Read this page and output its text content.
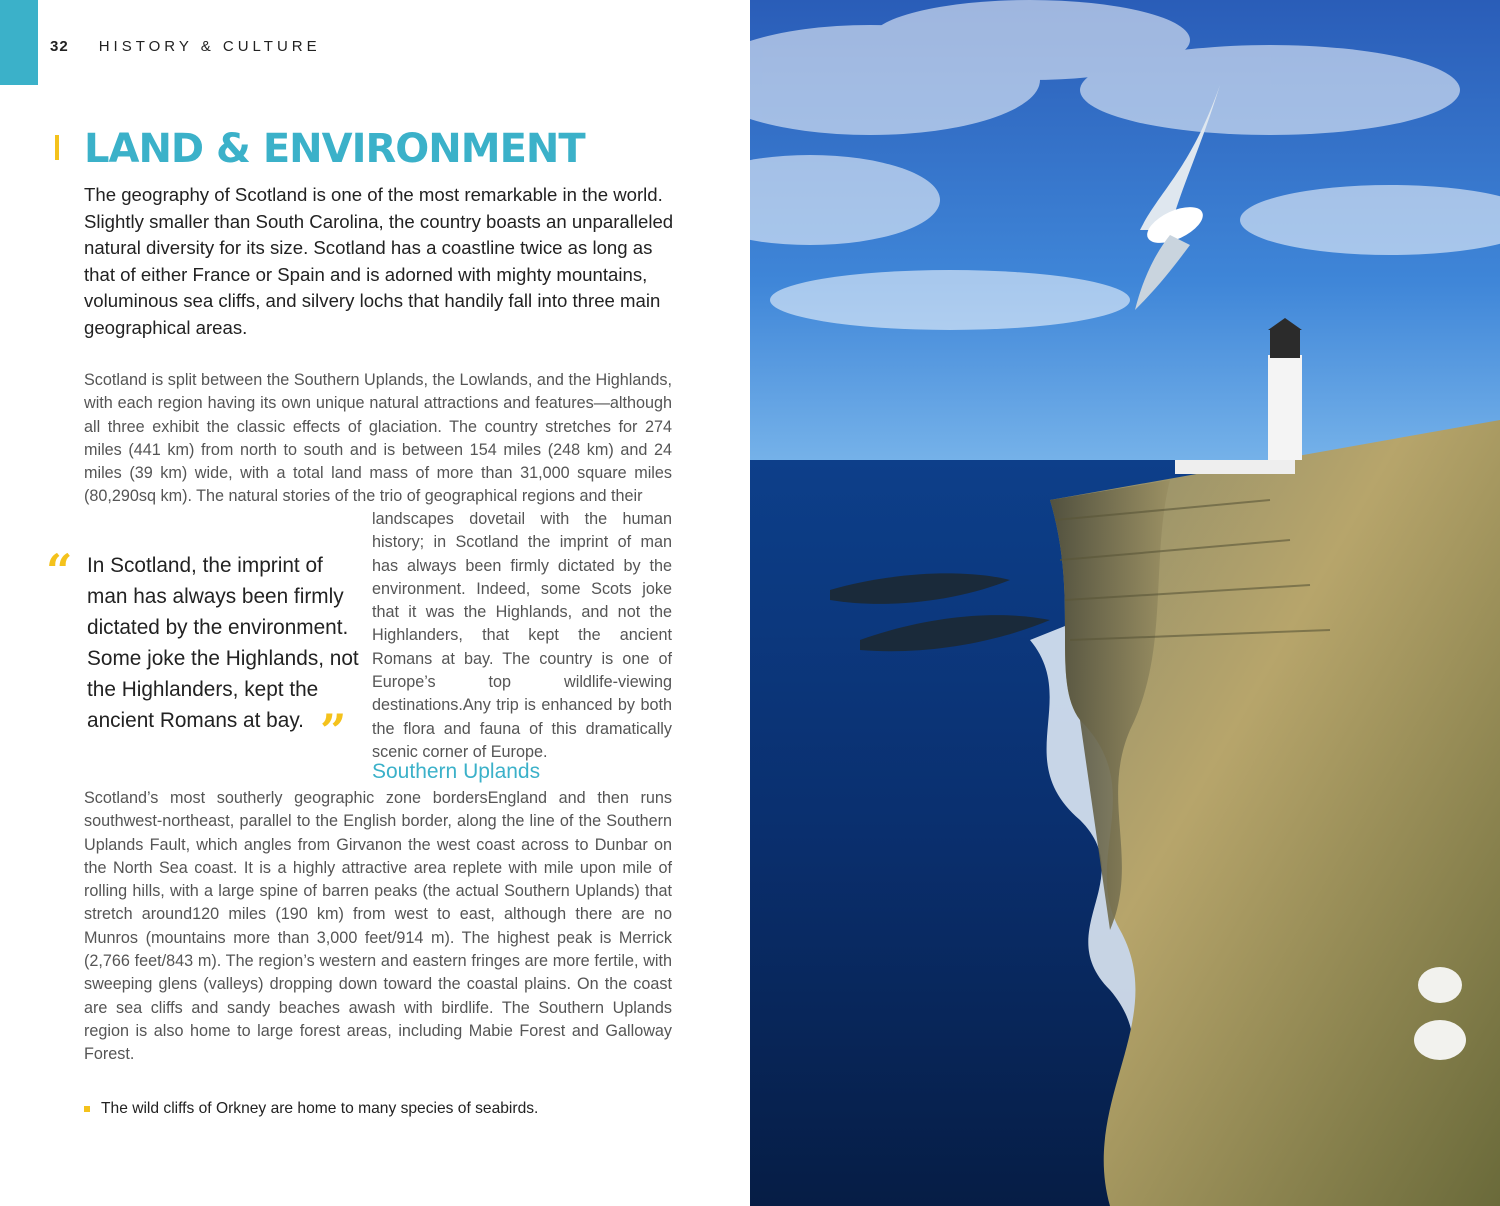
32 HISTORY & CULTURE
LAND & ENVIRONMENT

The geography of Scotland is one of the most remarkable in the world. Slightly smaller than South Carolina, the country boasts an unparalleled natural diversity for its size. Scotland has a coastline twice as long as that of either France or Spain and is adorned with mighty mountains, voluminous sea cliffs, and silvery lochs that handily fall into three main geographical areas.

Scotland is split between the Southern Uplands, the Lowlands, and the Highlands, with each region having its own unique natural attractions and features—although all three exhibit the classic effects of glaciation. The country stretches for 274 miles (441 km) from north to south and is between 154 miles (248 km) and 24 miles (39 km) wide, with a total land mass of more than 31,000 square miles (80,290sq km). The natural stories of the trio of geographical regions and their

“ In Scotland, the imprint of man has always been firmly dictated by the environment. Some joke the Highlands, not the Highlanders, kept the ancient Romans at bay. ”

landscapes dovetail with the human history; in Scotland the imprint of man has always been firmly dictated by the environment. Indeed, some Scots joke that it was the Highlands, and not the Highlanders, that kept the ancient Romans at bay. The country is one of Europe’s top wildlife-viewing destinations.Any trip is enhanced by both the flora and fauna of this dramatically scenic corner of Europe.

Southern Uplands

Scotland’s most southerly geographic zone bordersEngland and then runs southwest-northeast, parallel to the English border, along the line of the Southern Uplands Fault, which angles from Girvanon the west coast across to Dunbar on the North Sea coast. It is a highly attractive area replete with mile upon mile of rolling hills, with a large spine of barren peaks (the actual Southern Uplands) that stretch around120 miles (190 km) from west to east, although there are no Munros (mountains more than 3,000 feet/914 m). The highest peak is Merrick (2,766 feet/843 m). The region’s western and eastern fringes are more fertile, with sweeping glens (valleys) dropping down toward the coastal plains. On the coast are sea cliffs and sandy beaches awash with birdlife. The Southern Uplands region is also home to large forest areas, including Mabie Forest and Galloway Forest.

The wild cliffs of Orkney are home to many species of seabirds.
